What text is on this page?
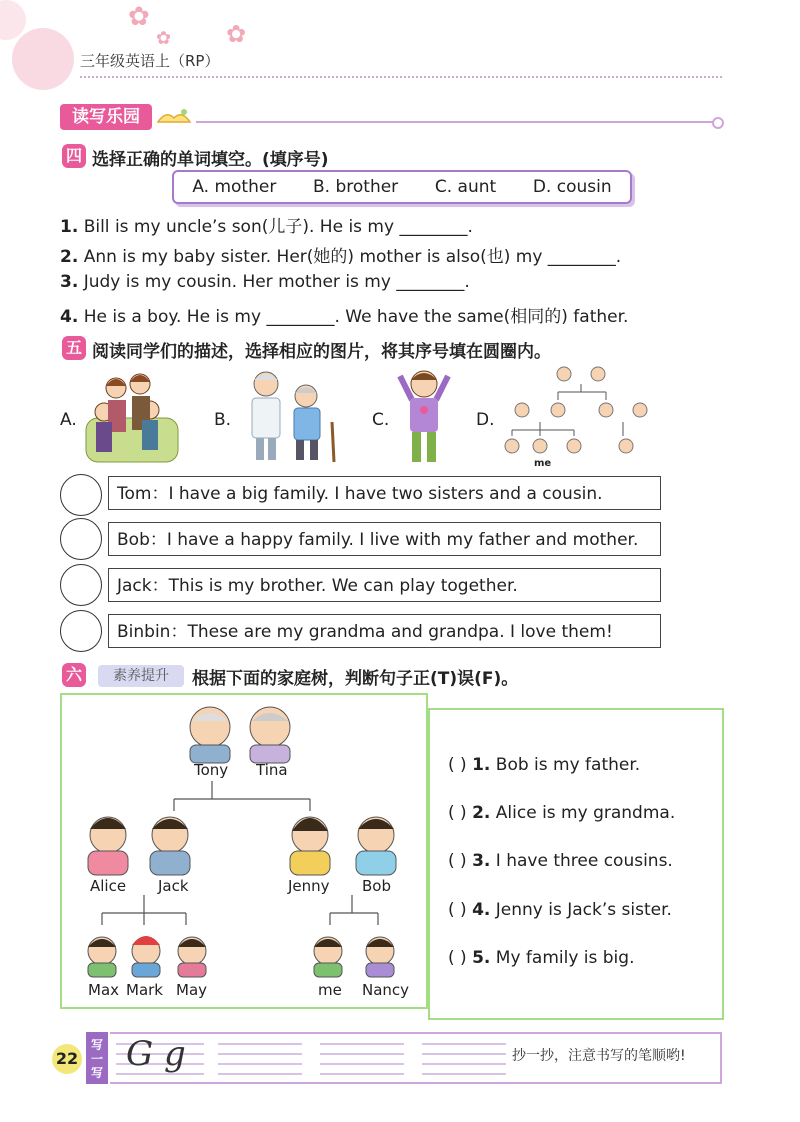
✿
✿ ✿
三年级英语上（RP）
读写乐园
四 选择正确的单词填空。(填序号)
A. mother B. brother C. aunt D. cousin
1. Bill is my uncle’s son(儿子). He is my ________.
2. Ann is my baby sister. Her(她的) mother is also(也) my ________.
3. Judy is my cousin. Her mother is my ________.
4. He is a boy. He is my ________. We have the same(相同的) father.
五 阅读同学们的描述，选择相应的图片，将其序号填在圆圈内。
A.	B.	C.	D.
me
Tom：I have a big family. I have two sisters and a cousin.
Bob：I have a happy family. I live with my father and mother.
Jack：This is my brother. We can play together.
Binbin：These are my grandma and grandpa. I love them!
六	素养提升	根据下面的家庭树，判断句子正(T)误(F)。
Tony Tina
Alice Jack	Jenny Bob
Max Mark May	me Nancy
( ) 1. Bob is my father.
( ) 2. Alice is my grandma.
( ) 3. I have three cousins.
( ) 4. Jenny is Jack’s sister.
( ) 5. My family is big.
22
写一写 G g	抄一抄，注意书写的笔顺哟!
